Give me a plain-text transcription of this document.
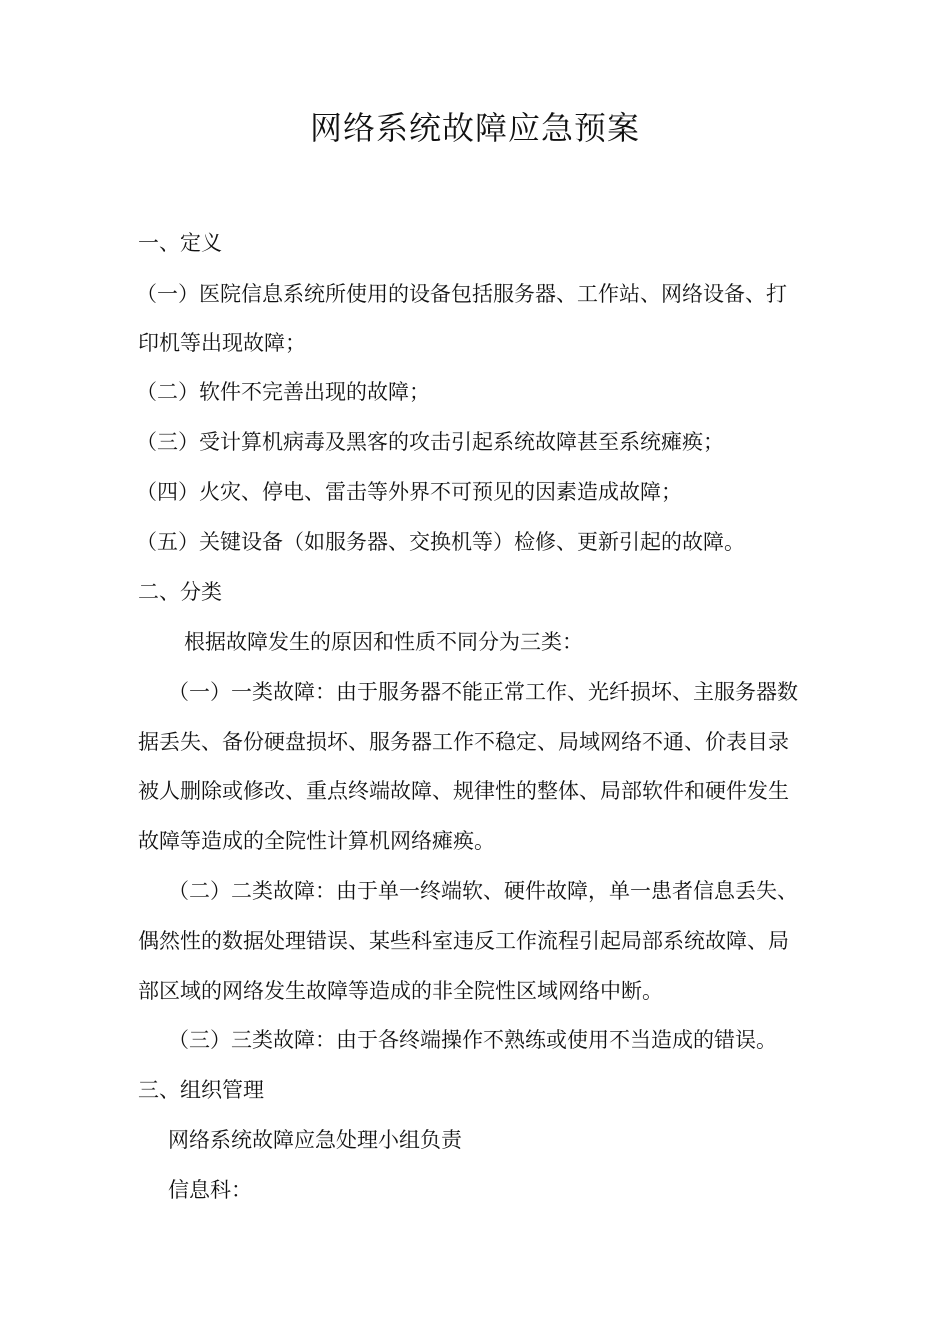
网络系统故障应急预案
一、定义
（一）医院信息系统所使用的设备包括服务器、工作站、网络设备、打
印机等出现故障；
（二）软件不完善出现的故障；
（三）受计算机病毒及黑客的攻击引起系统故障甚至系统瘫痪；
（四）火灾、停电、雷击等外界不可预见的因素造成故障；
（五）关键设备（如服务器、交换机等）检修、更新引起的故障。
二、分类
根据故障发生的原因和性质不同分为三类：
（一）一类故障：由于服务器不能正常工作、光纤损坏、主服务器数
据丢失、备份硬盘损坏、服务器工作不稳定、局域网络不通、价表目录
被人删除或修改、重点终端故障、规律性的整体、局部软件和硬件发生
故障等造成的全院性计算机网络瘫痪。
（二）二类故障：由于单一终端软、硬件故障，单一患者信息丢失、
偶然性的数据处理错误、某些科室违反工作流程引起局部系统故障、局
部区域的网络发生故障等造成的非全院性区域网络中断。
（三）三类故障：由于各终端操作不熟练或使用不当造成的错误。
三、组织管理
网络系统故障应急处理小组负责
信息科：
